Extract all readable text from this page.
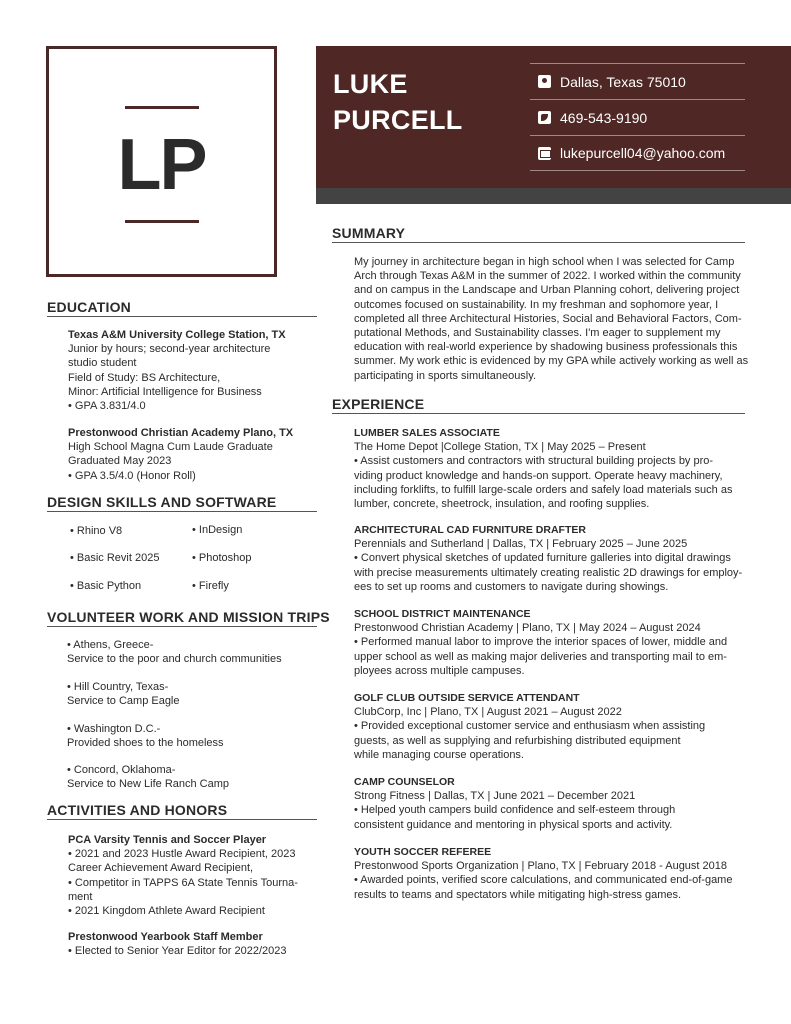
LP
LUKE
PURCELL
Dallas, Texas 75010
469-543-9190
lukepurcell04@yahoo.com
SUMMARY
My journey in architecture began in high school when I was selected for Camp
Arch through Texas A&M in the summer of 2022. I worked within the community
and on campus in the Landscape and Urban Planning cohort, delivering project
outcomes focused on sustainability. In my freshman and sophomore year, I
completed all three Architectural Histories, Social and Behavioral Factors, Com-
putational Methods, and Sustainability classes. I'm eager to supplement my
education with real-world experience by shadowing business professionals this
summer. My work ethic is evidenced by my GPA while actively working as well as
participating in sports simultaneously.
EXPERIENCE
LUMBER SALES ASSOCIATE
The Home Depot |College Station, TX | May 2025 – Present
• Assist customers and contractors with structural building projects by pro-
viding product knowledge and hands-on support. Operate heavy machinery,
including forklifts, to fulfill large-scale orders and safely load materials such as
lumber, concrete, sheetrock, insulation, and roofing supplies.
ARCHITECTURAL CAD FURNITURE DRAFTER
Perennials and Sutherland | Dallas, TX | February 2025 – June 2025
• Convert physical sketches of updated furniture galleries into digital drawings
with precise measurements ultimately creating realistic 2D drawings for employ-
ees to set up rooms and customers to navigate during showings.
SCHOOL DISTRICT MAINTENANCE
Prestonwood Christian Academy | Plano, TX | May 2024 – August 2024
• Performed manual labor to improve the interior spaces of lower, middle and
upper school as well as making major deliveries and transporting mail to em-
ployees across multiple campuses.
GOLF CLUB OUTSIDE SERVICE ATTENDANT
ClubCorp, Inc | Plano, TX | August 2021 – August 2022
• Provided exceptional customer service and enthusiasm when assisting
guests, as well as supplying and refurbishing distributed equipment
while managing course operations.
CAMP COUNSELOR
Strong Fitness | Dallas, TX | June 2021 – December 2021
• Helped youth campers build confidence and self-esteem through
consistent guidance and mentoring in physical sports and activity.
YOUTH SOCCER REFEREE
Prestonwood Sports Organization | Plano, TX | February 2018 - August 2018
• Awarded points, verified score calculations, and communicated end-of-game
results to teams and spectators while mitigating high-stress games.
EDUCATION
Texas A&M University College Station, TX
Junior by hours; second-year architecture
studio student
Field of Study: BS Architecture,
Minor: Artificial Intelligence for Business
• GPA 3.831/4.0
Prestonwood Christian Academy Plano, TX
High School Magna Cum Laude Graduate
Graduated May 2023
• GPA 3.5/4.0 (Honor Roll)
DESIGN SKILLS AND SOFTWARE
• Rhino V8	• InDesign
• Basic Revit 2025	• Photoshop
• Basic Python	• Firefly
VOLUNTEER WORK AND MISSION TRIPS
• Athens, Greece-
Service to the poor and church communities
• Hill Country, Texas-
Service to Camp Eagle
• Washington D.C.-
Provided shoes to the homeless
• Concord, Oklahoma-
Service to New Life Ranch Camp
ACTIVITIES AND HONORS
PCA Varsity Tennis and Soccer Player
• 2021 and 2023 Hustle Award Recipient, 2023
Career Achievement Award Recipient,
• Competitor in TAPPS 6A State Tennis Tourna-
ment
• 2021 Kingdom Athlete Award Recipient
Prestonwood Yearbook Staff Member
• Elected to Senior Year Editor for 2022/2023
